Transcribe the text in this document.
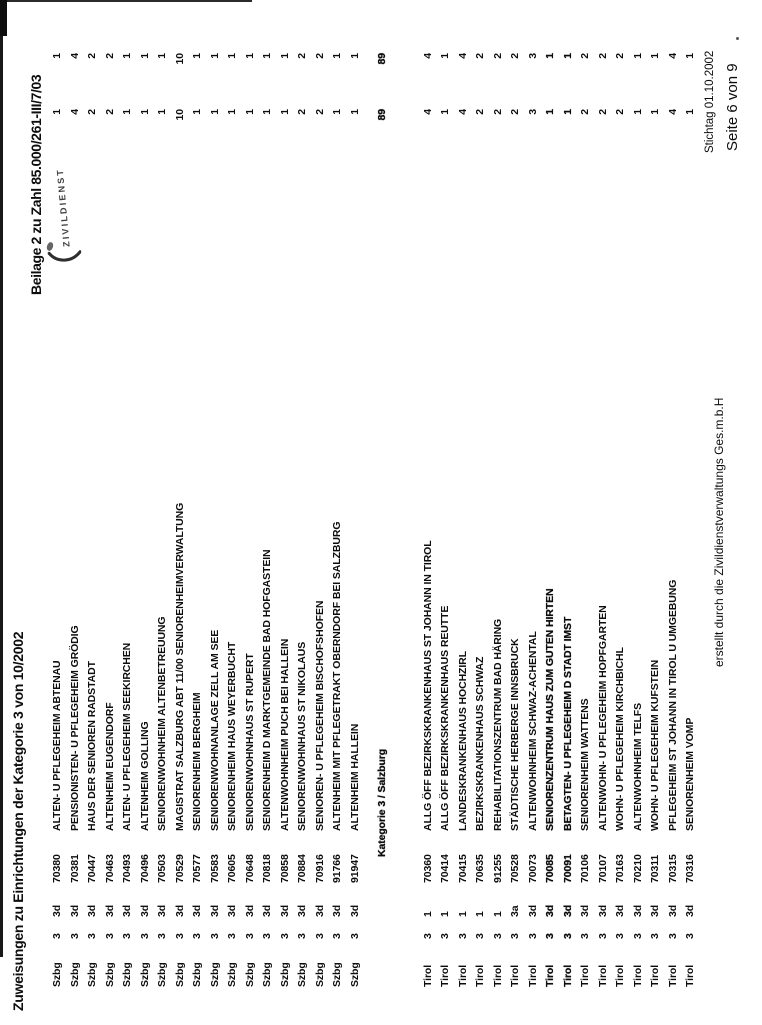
Zuweisungen zu Einrichtungen der Kategorie 3 von 10/2002
Beilage 2 zu Zahl 85.000/261-III/7/03 ZIVILDIENST
Szbg
3
3d
70380
ALTEN- U PFLEGEHEIM ABTENAU
1
1
Szbg
3
3d
70381
PENSIONISTEN- U PFLEGEHEIM GRÖDIG
4
4
Szbg
3
3d
70447
HAUS DER SENIOREN RADSTADT
2
2
Szbg
3
3d
70463
ALTENHEIM EUGENDORF
2
2
Szbg
3
3d
70493
ALTEN- U PFLEGEHEIM SEEKIRCHEN
1
1
Szbg
3
3d
70496
ALTENHEIM GOLLING
1
1
Szbg
3
3d
70503
SENIORENWOHNHEIM ALTENBETREUUNG
1
1
Szbg
3
3d
70529
MAGISTRAT SALZBURG ABT 11/00 SENIORENHEIMVERWALTUNG
10
10
Szbg
3
3d
70577
SENIORENHEIM BERGHEIM
1
1
Szbg
3
3d
70583
SENIORENWOHNANLAGE ZELL AM SEE
1
1
Szbg
3
3d
70605
SENIORENHEIM HAUS WEYERBUCHT
1
1
Szbg
3
3d
70648
SENIORENWOHNHAUS ST RUPERT
1
1
Szbg
3
3d
70818
SENIORENHEIM D MARKTGEMEINDE BAD HOFGASTEIN
1
1
Szbg
3
3d
70858
ALTENWOHNHEIM PUCH BEI HALLEIN
1
1
Szbg
3
3d
70884
SENIORENWOHNHAUS ST NIKOLAUS
2
2
Szbg
3
3d
70916
SENIOREN- U PFLEGEHEIM BISCHOFSHOFEN
2
2
Szbg
3
3d
91766
ALTENHEIM MIT PFLEGETRAKT OBERNDORF BEI SALZBURG
1
1
Szbg
3
3d
91947
ALTENHEIM HALLEIN
1
1
Kategorie 3 / Salzburg
89
89
Tirol
3
1
70360
ALLG ÖFF BEZIRKSKRANKENHAUS ST JOHANN IN TIROL
4
4
Tirol
3
1
70414
ALLG ÖFF BEZIRKSKRANKENHAUS REUTTE
1
1
Tirol
3
1
70415
LANDESKRANKENHAUS HOCHZIRL
4
4
Tirol
3
1
70635
BEZIRKSKRANKENHAUS SCHWAZ
2
2
Tirol
3
1
91255
REHABILITATIONSZENTRUM BAD HÄRING
2
2
Tirol
3
3a
70528
STÄDTISCHE HERBERGE INNSBRUCK
2
2
Tirol
3
3d
70073
ALTENWOHNHEIM SCHWAZ-ACHENTAL
3
3
Tirol
3
3d
70085
SENIORENZENTRUM HAUS ZUM GUTEN HIRTEN
1
1
Tirol
3
3d
70091
BETAGTEN- U PFLEGEHEIM D STADT IMST
1
1
Tirol
3
3d
70106
SENIORENHEIM WATTENS
2
2
Tirol
3
3d
70107
ALTENWOHN- U PFLEGEHEIM HOPFGARTEN
2
2
Tirol
3
3d
70163
WOHN- U PFLEGEHEIM KIRCHBICHL
2
2
Tirol
3
3d
70210
ALTENWOHNHEIM TELFS
1
1
Tirol
3
3d
70311
WOHN- U PFLEGEHEIM KUFSTEIN
1
1
Tirol
3
3d
70315
PFLEGEHEIM ST JOHANN IN TIROL U UMGEBUNG
4
4
Tirol
3
3d
70316
SENIORENHEIM VOMP
1
1
erstellt durch die Zivildienstverwaltungs Ges.m.b.H
Stichtag 01.10.2002 Seite 6 von 9
